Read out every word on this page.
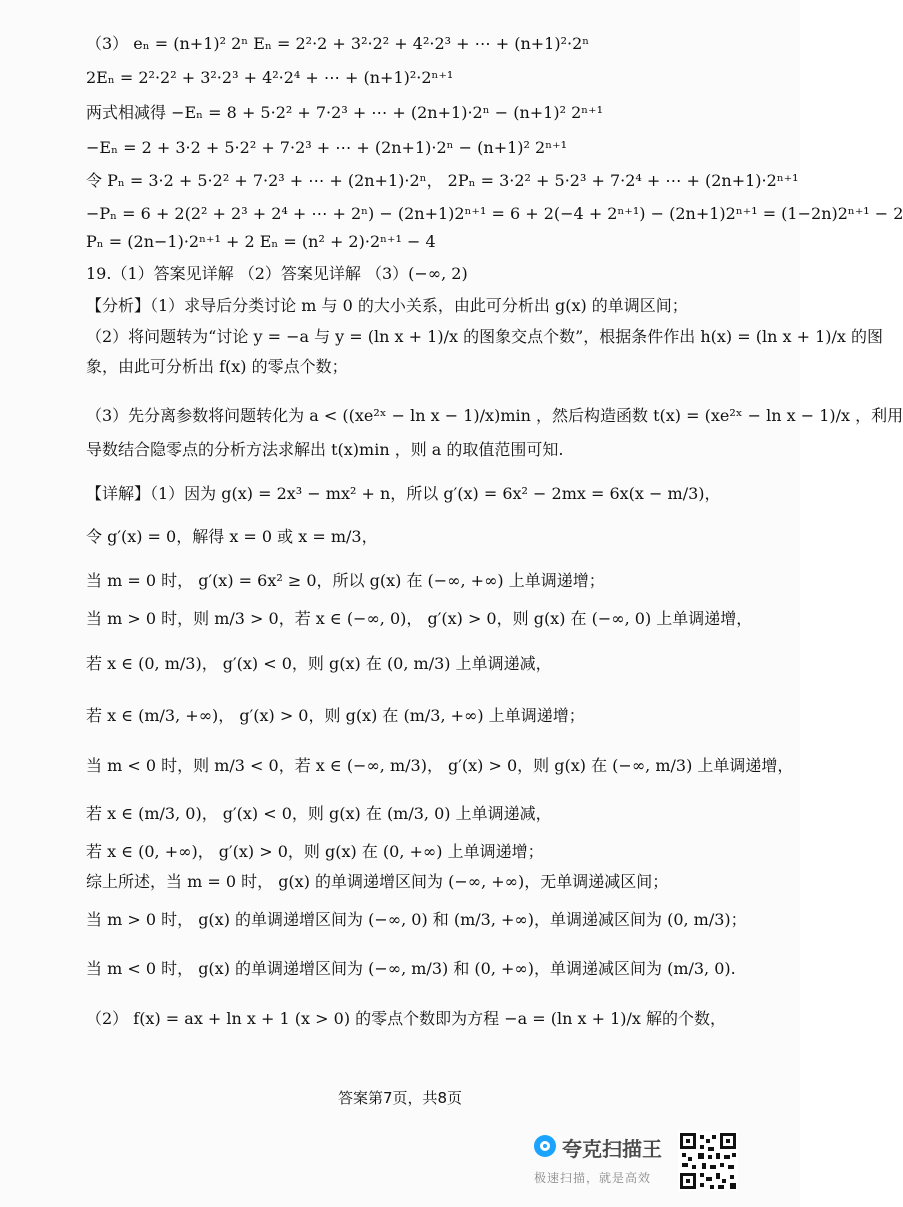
（3） eₙ = (n+1)² 2ⁿ Eₙ = 2²·2 + 3²·2² + 4²·2³ + ⋯ + (n+1)²·2ⁿ
2Eₙ = 2²·2² + 3²·2³ + 4²·2⁴ + ⋯ + (n+1)²·2ⁿ⁺¹
两式相减得 −Eₙ = 8 + 5·2² + 7·2³ + ⋯ + (2n+1)·2ⁿ − (n+1)² 2ⁿ⁺¹
−Eₙ = 2 + 3·2 + 5·2² + 7·2³ + ⋯ + (2n+1)·2ⁿ − (n+1)² 2ⁿ⁺¹
令 Pₙ = 3·2 + 5·2² + 7·2³ + ⋯ + (2n+1)·2ⁿ， 2Pₙ = 3·2² + 5·2³ + 7·2⁴ + ⋯ + (2n+1)·2ⁿ⁺¹
−Pₙ = 6 + 2(2² + 2³ + 2⁴ + ⋯ + 2ⁿ) − (2n+1)2ⁿ⁺¹ = 6 + 2(−4 + 2ⁿ⁺¹) − (2n+1)2ⁿ⁺¹ = (1−2n)2ⁿ⁺¹ − 2
Pₙ = (2n−1)·2ⁿ⁺¹ + 2 Eₙ = (n² + 2)·2ⁿ⁺¹ − 4
19.（1）答案见详解 （2）答案见详解 （3）(−∞, 2)
【分析】（1）求导后分类讨论 m 与 0 的大小关系，由此可分析出 g(x) 的单调区间；
（2）将问题转为“讨论 y = −a 与 y = (ln x + 1)/x 的图象交点个数”，根据条件作出 h(x) = (ln x + 1)/x 的图
象，由此可分析出 f(x) 的零点个数；
（3）先分离参数将问题转化为 a < ((xe²ˣ − ln x − 1)/x)min ，然后构造函数 t(x) = (xe²ˣ − ln x − 1)/x ，利用
导数结合隐零点的分析方法求解出 t(x)min ，则 a 的取值范围可知.
【详解】（1）因为 g(x) = 2x³ − mx² + n，所以 g′(x) = 6x² − 2mx = 6x(x − m/3)，
令 g′(x) = 0，解得 x = 0 或 x = m/3，
当 m = 0 时， g′(x) = 6x² ≥ 0，所以 g(x) 在 (−∞, +∞) 上单调递增；
当 m > 0 时，则 m/3 > 0，若 x ∈ (−∞, 0)， g′(x) > 0，则 g(x) 在 (−∞, 0) 上单调递增，
若 x ∈ (0, m/3)， g′(x) < 0，则 g(x) 在 (0, m/3) 上单调递减，
若 x ∈ (m/3, +∞)， g′(x) > 0，则 g(x) 在 (m/3, +∞) 上单调递增；
当 m < 0 时，则 m/3 < 0，若 x ∈ (−∞, m/3)， g′(x) > 0，则 g(x) 在 (−∞, m/3) 上单调递增，
若 x ∈ (m/3, 0)， g′(x) < 0，则 g(x) 在 (m/3, 0) 上单调递减，
若 x ∈ (0, +∞)， g′(x) > 0，则 g(x) 在 (0, +∞) 上单调递增；
综上所述，当 m = 0 时， g(x) 的单调递增区间为 (−∞, +∞)，无单调递减区间；
当 m > 0 时， g(x) 的单调递增区间为 (−∞, 0) 和 (m/3, +∞)，单调递减区间为 (0, m/3)；
当 m < 0 时， g(x) 的单调递增区间为 (−∞, m/3) 和 (0, +∞)，单调递减区间为 (m/3, 0).
（2） f(x) = ax + ln x + 1 (x > 0) 的零点个数即为方程 −a = (ln x + 1)/x 解的个数，
答案第7页，共8页
夸克扫描王
极速扫描，就是高效
